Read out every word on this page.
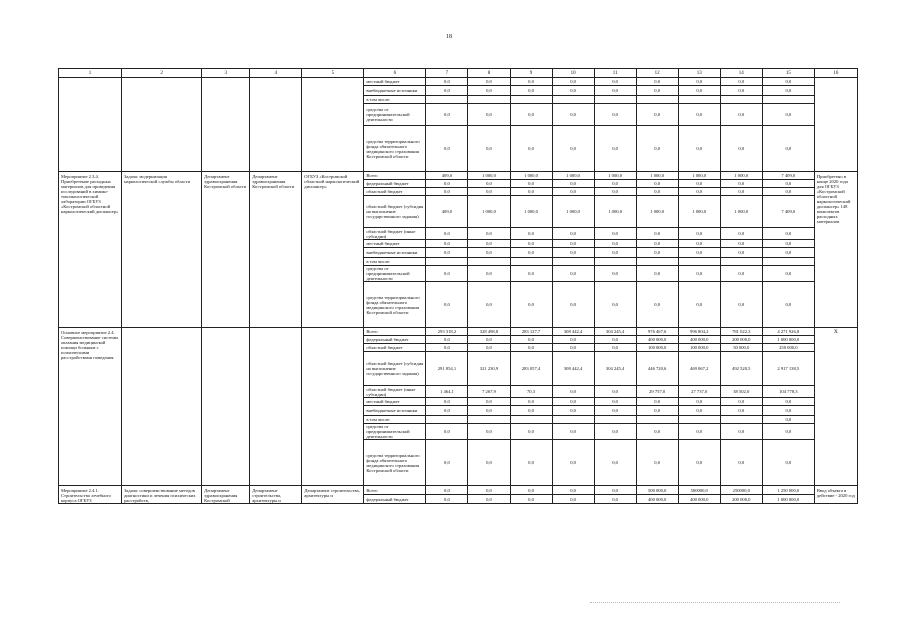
18
1	2	3	4	5	6	7	8	9	10	11	12	13	14	15	16
					местный бюджет	0,0	0,0	0,0	0,0	0,0	0,0	0,0	0,0	0,0	
					внебюджетные источники	0,0	0,0	0,0	0,0	0,0	0,0	0,0	0,0	0,0	
					в том числе:										
					средства от предпринимательской деятельности	0,0	0,0	0,0	0,0	0,0	0,0	0,0	0,0	0,0	
					средства территориального фонда обязательного медицинского страхования Костромской области	0,0	0,0	0,0	0,0	0,0	0,0	0,0	0,0	0,0	
Мероприятие 2.3.4. Приобретение расходных материалов для проведения исследований в химико-токсикологической лаборатории ОГБУЗ «Костромской областной наркологический диспансер»	Задача: модернизация наркологической службы области	Департамент здравоохранения Костромской области	Департамент здравоохранения Костромской области	ОГБУЗ «Костромской областной наркологический диспансер»	Всего	409,0	1 000,0	1 000,0	1 000,0	1 000,0	1 000,0	1 000,0	1 000,0	7 409,0	Приобретено в конце 2020 года для ОГБУЗ «Костромской областной наркологический диспансер» 148 комплектов расходных материалов
					федеральный бюджет	0,0	0,0	0,0	0,0	0,0	0,0	0,0	0,0	0,0	
					областной бюджет	0,0	0,0	0,0	0,0	0,0	0,0	0,0	0,0	0,0	
					областной бюджет (субсидия на выполнение государственного задания)	409,0	1 000,0	1 000,0	1 000,0	1 000,0	1 000,0	1 000,0	1 000,0	7 409,0	
					областной бюджет (иные субсидии)	0,0	0,0	0,0	0,0	0,0	0,0	0,0	0,0	0,0	
					местный бюджет	0,0	0,0	0,0	0,0	0,0	0,0	0,0	0,0	0,0	
					внебюджетные источники	0,0	0,0	0,0	0,0	0,0	0,0	0,0	0,0	0,0	
					в том числе:										
					средства от предпринимательской деятельности	0,0	0,0	0,0	0,0	0,0	0,0	0,0	0,0	0,0	
					средства территориального фонда обязательного медицинского страхования Костромской области	0,0	0,0	0,0	0,0	0,0	0,0	0,0	0,0	0,0	
Основное мероприятие 2.4. Совершенствование системы оказания медицинской помощи больным с психическими расстройствами поведения					Всего	293 318,2	328 498,8	283 127,7	308 442,4	304 245,4	976 467,6	996 804,2	781 022,3	4 271 926,8	X
					федеральный бюджет	0,0	0,0	0,0	0,0	0,0	400 000,0	400 000,0	200 000,0	1 000 000,0	
					областной бюджет	0,0	0,0	0,0	0,0	0,0	100 000,0	100 000,0	50 000,0	250 000,0	
					областной бюджет (субсидия на выполнение государственного задания)	291 854,1	321 230,9	283 057,4	308 442,4	304 245,4	446 720,6	469 067,2	492 520,5	2 917 138,5	
					областной бюджет (иные субсидии)	1 464,1	7 267,9	70,3	0,0	0,0	29 757,0	27 737,0	38 502,0	104 778,3	
					местный бюджет	0,0	0,0	0,0	0,0	0,0	0,0	0,0	0,0	0,0	
					внебюджетные источники	0,0	0,0	0,0	0,0	0,0	0,0	0,0	0,0	0,0	
					в том числе:									0,0	
					средства от предпринимательской деятельности	0,0	0,0	0,0	0,0	0,0	0,0	0,0	0,0	0,0	
					средства территориального фонда обязательного медицинского страхования Костромской области	0,0	0,0	0,0	0,0	0,0	0,0	0,0	0,0	0,0	
Мероприятие 2.4.1. Строительство лечебного корпуса ОГБУЗ	Задача: совершенствование методов диагностики и лечения психических расстройств,	Департамент здравоохранения Костромской	Департамент строительства, архитектуры и	Департамент строительства, архитектуры и	Всего	0,0	0,0	0,0	0,0	0,0	500 000,0	500000,0	250000,0	1 250 000,0	Ввод объекта в действие - 2020 год
					федеральный бюджет	0,0	0,0	0,0	0,0	0,0	400 000,0	400 000,0	200 000,0	1 000 000,0	
